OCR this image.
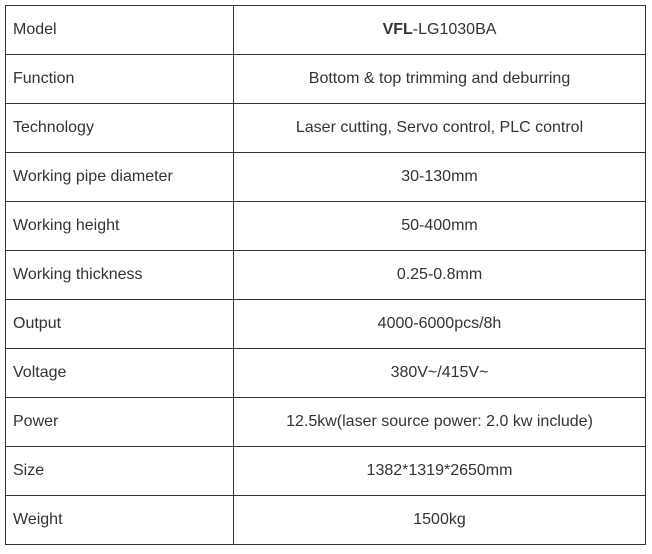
Model	VFL-LG1030BA
Function	Bottom & top trimming and deburring
Technology	Laser cutting, Servo control, PLC control
Working pipe diameter	30-130mm
Working height	50-400mm
Working thickness	0.25-0.8mm
Output	4000-6000pcs/8h
Voltage	380V~/415V~
Power	12.5kw(laser source power: 2.0 kw include)
Size	1382*1319*2650mm
Weight	1500kg
